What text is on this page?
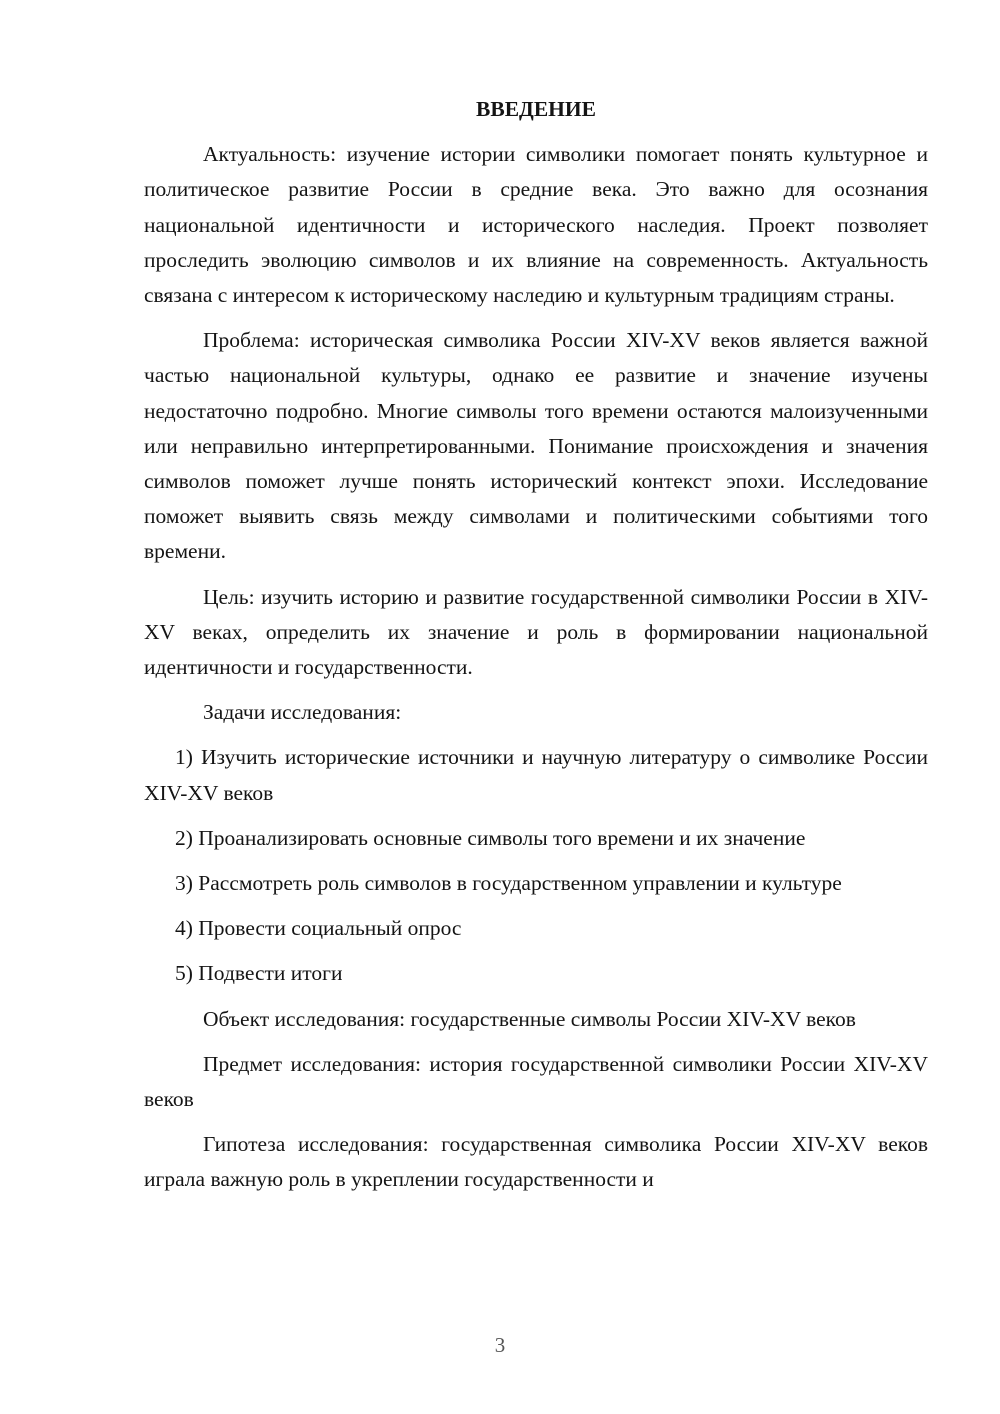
ВВЕДЕНИЕ

Актуальность: изучение истории символики помогает понять культурное и политическое развитие России в средние века. Это важно для осознания национальной идентичности и исторического наследия. Проект позволяет проследить эволюцию символов и их влияние на современность. Актуальность связана с интересом к историческому наследию и культурным традициям страны.

Проблема: историческая символика России XIV-XV веков является важной частью национальной культуры, однако ее развитие и значение изучены недостаточно подробно. Многие символы того времени остаются малоизученными или неправильно интерпретированными. Понимание происхождения и значения символов поможет лучше понять исторический контекст эпохи. Исследование поможет выявить связь между символами и политическими событиями того времени.

Цель: изучить историю и развитие государственной символики России в XIV-XV веках, определить их значение и роль в формировании национальной идентичности и государственности.

Задачи исследования:

1) Изучить исторические источники и научную литературу о символике России XIV-XV веков

2) Проанализировать основные символы того времени и их значение

3) Рассмотреть роль символов в государственном управлении и культуре

4) Провести социальный опрос

5) Подвести итоги

Объект исследования: государственные символы России XIV-XV веков

Предмет исследования: история государственной символики России XIV-XV веков

Гипотеза исследования: государственная символика России XIV-XV веков играла важную роль в укреплении государственности и

3
